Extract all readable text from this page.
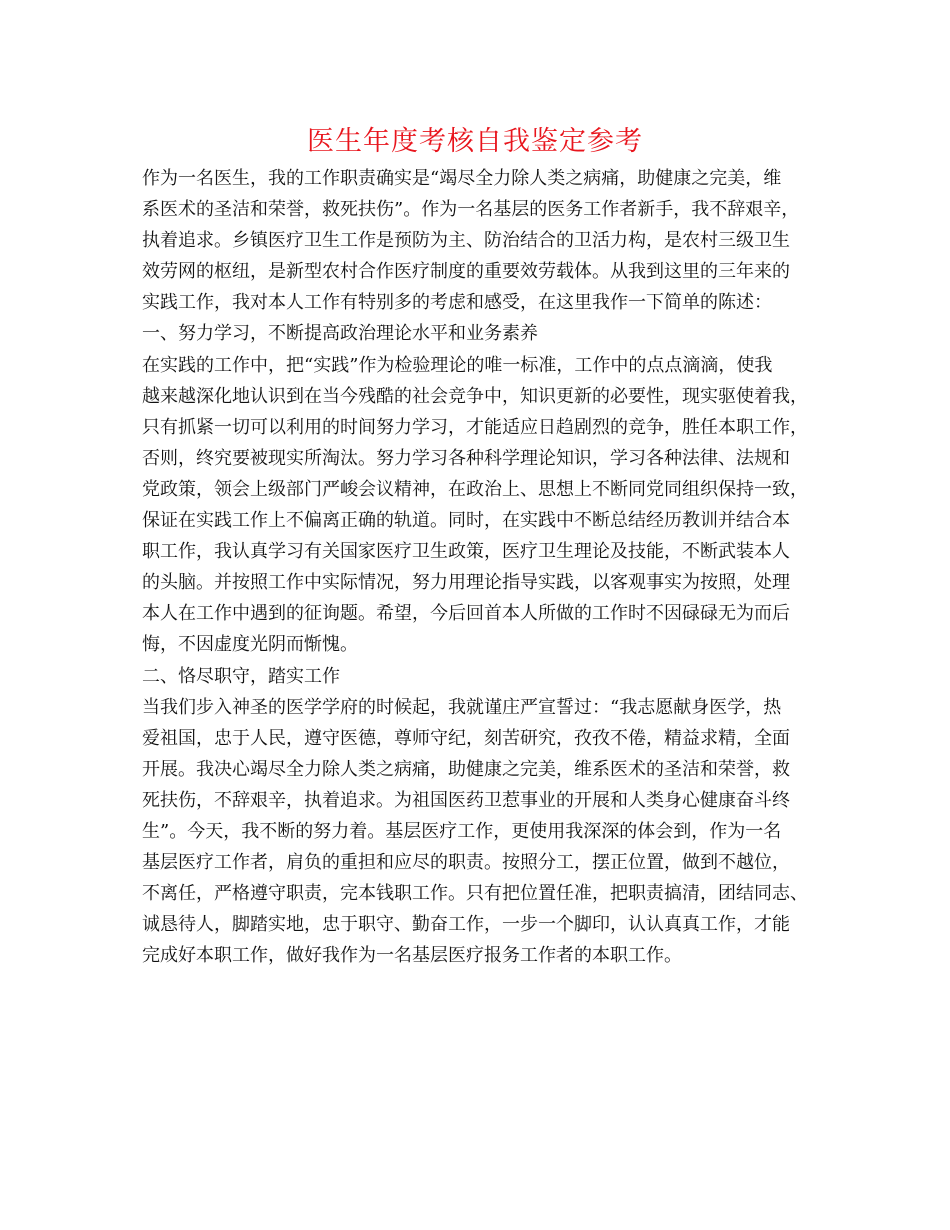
医生年度考核自我鉴定参考
作为一名医生，我的工作职责确实是“竭尽全力除人类之病痛，助健康之完美，维
系医术的圣洁和荣誉，救死扶伤”。作为一名基层的医务工作者新手，我不辞艰辛，
执着追求。乡镇医疗卫生工作是预防为主、防治结合的卫活力构，是农村三级卫生
效劳网的枢纽，是新型农村合作医疗制度的重要效劳载体。从我到这里的三年来的
实践工作，我对本人工作有特别多的考虑和感受，在这里我作一下简单的陈述：
一、努力学习，不断提高政治理论水平和业务素养
在实践的工作中，把“实践”作为检验理论的唯一标准，工作中的点点滴滴，使我
越来越深化地认识到在当今残酷的社会竞争中，知识更新的必要性，现实驱使着我，
只有抓紧一切可以利用的时间努力学习，才能适应日趋剧烈的竞争，胜任本职工作，
否则，终究要被现实所淘汰。努力学习各种科学理论知识，学习各种法律、法规和
党政策，领会上级部门严峻会议精神，在政治上、思想上不断同党同组织保持一致，
保证在实践工作上不偏离正确的轨道。同时，在实践中不断总结经历教训并结合本
职工作，我认真学习有关国家医疗卫生政策，医疗卫生理论及技能，不断武装本人
的头脑。并按照工作中实际情况，努力用理论指导实践，以客观事实为按照，处理
本人在工作中遇到的征询题。希望，今后回首本人所做的工作时不因碌碌无为而后
悔，不因虚度光阴而惭愧。
二、恪尽职守，踏实工作
当我们步入神圣的医学学府的时候起，我就谨庄严宣誓过：“我志愿献身医学，热
爱祖国，忠于人民，遵守医德，尊师守纪，刻苦研究，孜孜不倦，精益求精，全面
开展。我决心竭尽全力除人类之病痛，助健康之完美，维系医术的圣洁和荣誉，救
死扶伤，不辞艰辛，执着追求。为祖国医药卫惹事业的开展和人类身心健康奋斗终
生”。今天，我不断的努力着。基层医疗工作，更使用我深深的体会到，作为一名
基层医疗工作者，肩负的重担和应尽的职责。按照分工，摆正位置，做到不越位，
不离任，严格遵守职责，完本钱职工作。只有把位置任准，把职责搞清，团结同志、
诚恳待人，脚踏实地，忠于职守、勤奋工作，一步一个脚印，认认真真工作，才能
完成好本职工作，做好我作为一名基层医疗报务工作者的本职工作。
